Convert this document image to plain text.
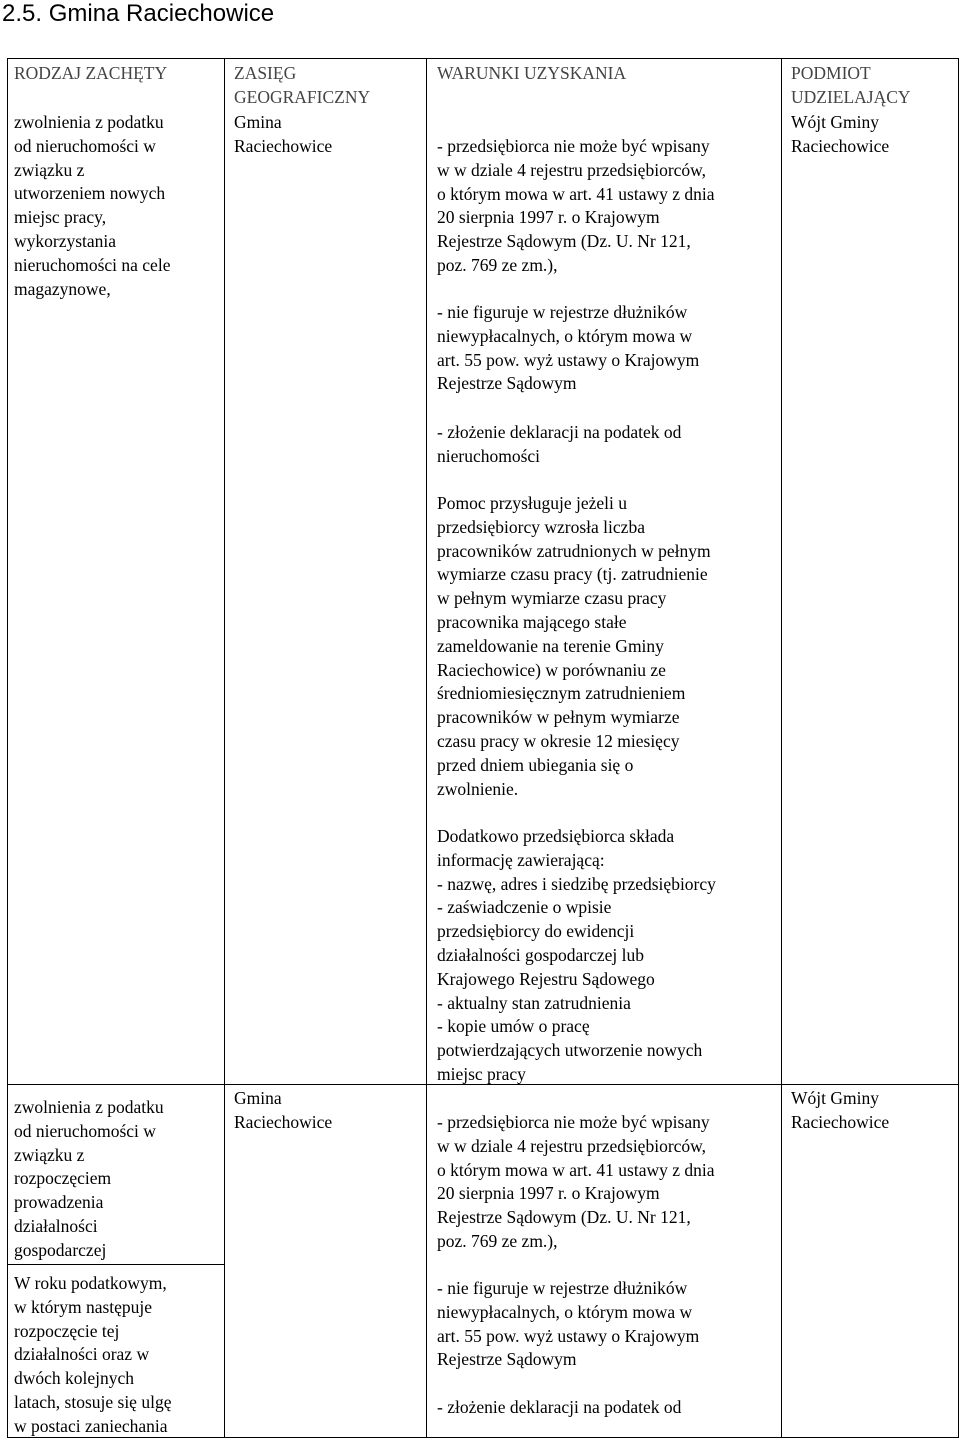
2.5. Gmina Raciechowice
RODZAJ ZACHĘTY	ZASIĘG
GEOGRAFICZNY
WARUNKI UZYSKANIA	PODMIOT
UDZIELAJĄCY
zwolnienia z podatku
od nieruchomości w
związku z
utworzeniem nowych
miejsc pracy,
wykorzystania
nieruchomości na cele
magazynowe,
Gmina
Raciechowice
Wójt Gminy
Raciechowice
- przedsiębiorca nie może być wpisany
w w dziale 4 rejestru przedsiębiorców,
o którym mowa w art. 41 ustawy z dnia
20 sierpnia 1997 r. o Krajowym
Rejestrze Sądowym (Dz. U. Nr 121,
poz. 769 ze zm.),
- nie figuruje w rejestrze dłużników
niewypłacalnych, o którym mowa w
art. 55 pow. wyż ustawy o Krajowym
Rejestrze Sądowym
- złożenie deklaracji na podatek od
nieruchomości
Pomoc przysługuje jeżeli u
przedsiębiorcy wzrosła liczba
pracowników zatrudnionych w pełnym
wymiarze czasu pracy (tj. zatrudnienie
w pełnym wymiarze czasu pracy
pracownika mającego stałe
zameldowanie na terenie Gminy
Raciechowice) w porównaniu ze
średniomiesięcznym zatrudnieniem
pracowników w pełnym wymiarze
czasu pracy w okresie 12 miesięcy
przed dniem ubiegania się o
zwolnienie.
Dodatkowo przedsiębiorca składa
informację zawierającą:
- nazwę, adres i siedzibę przedsiębiorcy
- zaświadczenie o wpisie
przedsiębiorcy do ewidencji
działalności gospodarczej lub
Krajowego Rejestru Sądowego
- aktualny stan zatrudnienia
- kopie umów o pracę
potwierdzających utworzenie nowych
miejsc pracy
zwolnienia z podatku
od nieruchomości w
związku z
rozpoczęciem
prowadzenia
działalności
gospodarczej
W roku podatkowym,
w którym następuje
rozpoczęcie tej
działalności oraz w
dwóch kolejnych
latach, stosuje się ulgę
w postaci zaniechania
Gmina
Raciechowice
Wójt Gminy
Raciechowice
- przedsiębiorca nie może być wpisany
w w dziale 4 rejestru przedsiębiorców,
o którym mowa w art. 41 ustawy z dnia
20 sierpnia 1997 r. o Krajowym
Rejestrze Sądowym (Dz. U. Nr 121,
poz. 769 ze zm.),
- nie figuruje w rejestrze dłużników
niewypłacalnych, o którym mowa w
art. 55 pow. wyż ustawy o Krajowym
Rejestrze Sądowym
- złożenie deklaracji na podatek od
